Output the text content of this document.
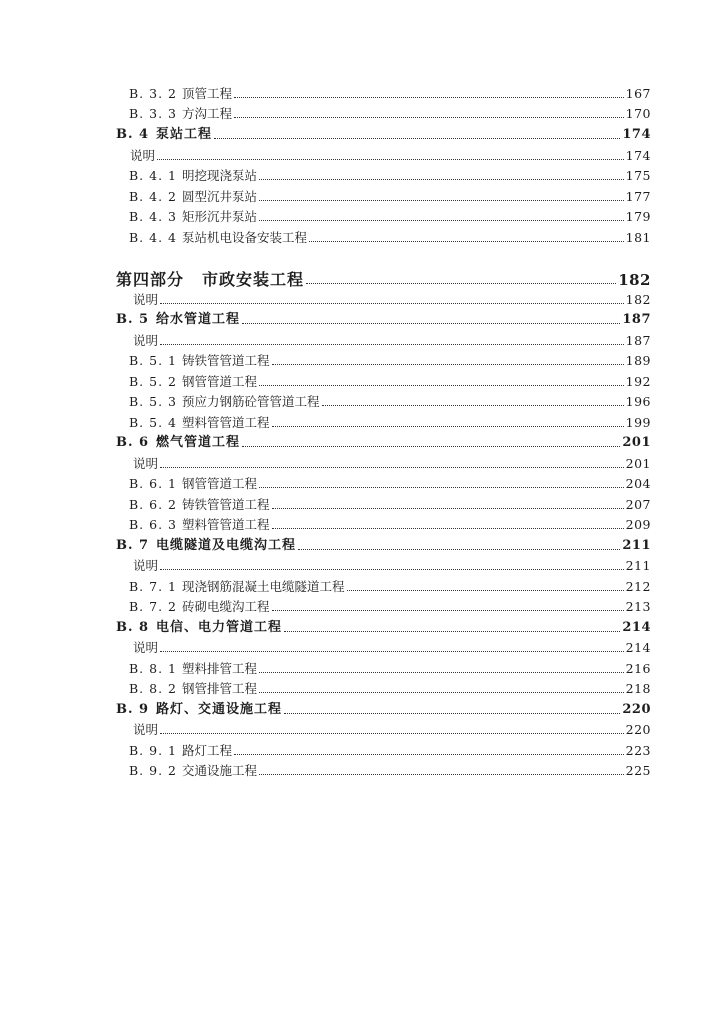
B. 3. 2 顶管工程	167
B. 3. 3 方沟工程	170
B. 4 泵站工程	174
说明	174
B. 4. 1 明挖现浇泵站	175
B. 4. 2 圆型沉井泵站	177
B. 4. 3 矩形沉井泵站	179
B. 4. 4 泵站机电设备安装工程	181
第四部分	市政安装工程	182
说明	182
B. 5 给水管道工程	187
说明	187
B. 5. 1 铸铁管管道工程	189
B. 5. 2 钢管管道工程	192
B. 5. 3 预应力钢筋砼管管道工程	196
B. 5. 4 塑料管管道工程	199
B. 6 燃气管道工程	201
说明	201
B. 6. 1 钢管管道工程	204
B. 6. 2 铸铁管管道工程	207
B. 6. 3 塑料管管道工程	209
B. 7 电缆隧道及电缆沟工程	211
说明	211
B. 7. 1 现浇钢筋混凝土电缆隧道工程	212
B. 7. 2 砖砌电缆沟工程	213
B. 8 电信、电力管道工程	214
说明	214
B. 8. 1 塑料排管工程	216
B. 8. 2 钢管排管工程	218
B. 9 路灯、交通设施工程	220
说明	220
B. 9. 1 路灯工程	223
B. 9. 2 交通设施工程	225
